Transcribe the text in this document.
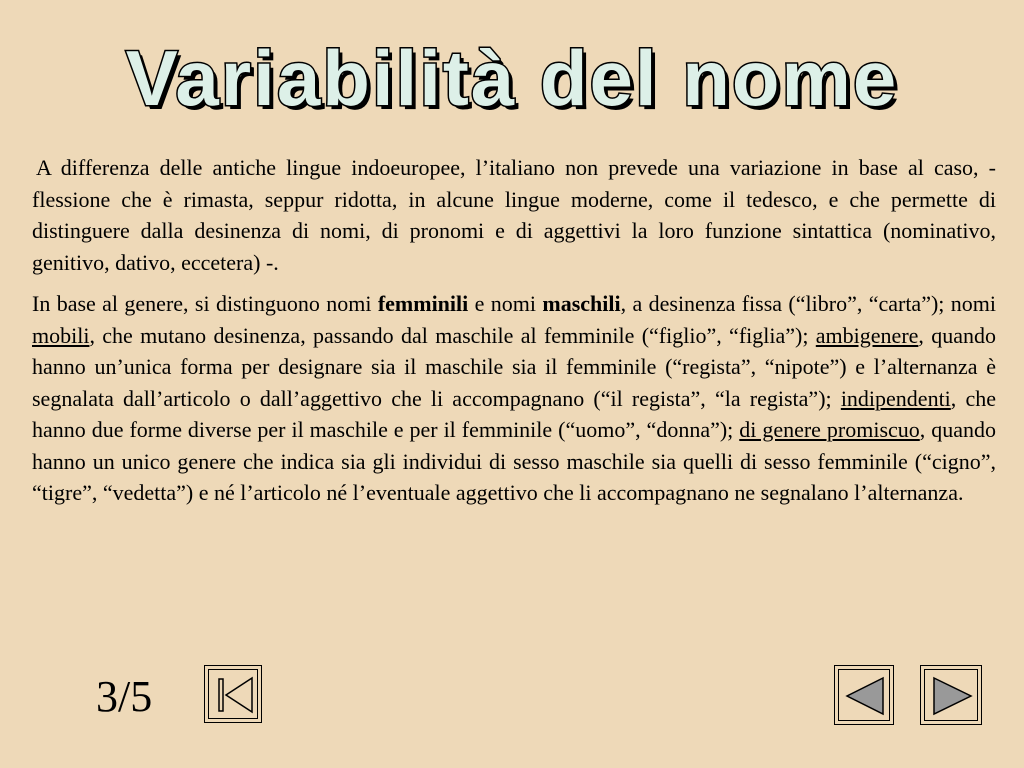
Variabilità del nome

A differenza delle antiche lingue indoeuropee, l’italiano non prevede una variazione in base al caso, - flessione che è rimasta, seppur ridotta, in alcune lingue moderne, come il tedesco, e che permette di distinguere dalla desinenza di nomi, di pronomi e di aggettivi la loro funzione sintattica (nominativo, genitivo, dativo, eccetera) -.

In base al genere, si distinguono nomi femminili e nomi maschili, a desinenza fissa (“libro”, “carta”); nomi mobili, che mutano desinenza, passando dal maschile al femminile (“figlio”, “figlia”); ambigenere, quando hanno un’unica forma per designare sia il maschile sia il femminile (“regista”, “nipote”) e l’alternanza è segnalata dall’articolo o dall’aggettivo che li accompagnano (“il regista”, “la regista”); indipendenti, che hanno due forme diverse per il maschile e per il femminile (“uomo”, “donna”); di genere promiscuo, quando hanno un unico genere che indica sia gli individui di sesso maschile sia quelli di sesso femminile (“cigno”, “tigre”, “vedetta”) e né l’articolo né l’eventuale aggettivo che li accompagnano ne segnalano l’alternanza.

3/5
